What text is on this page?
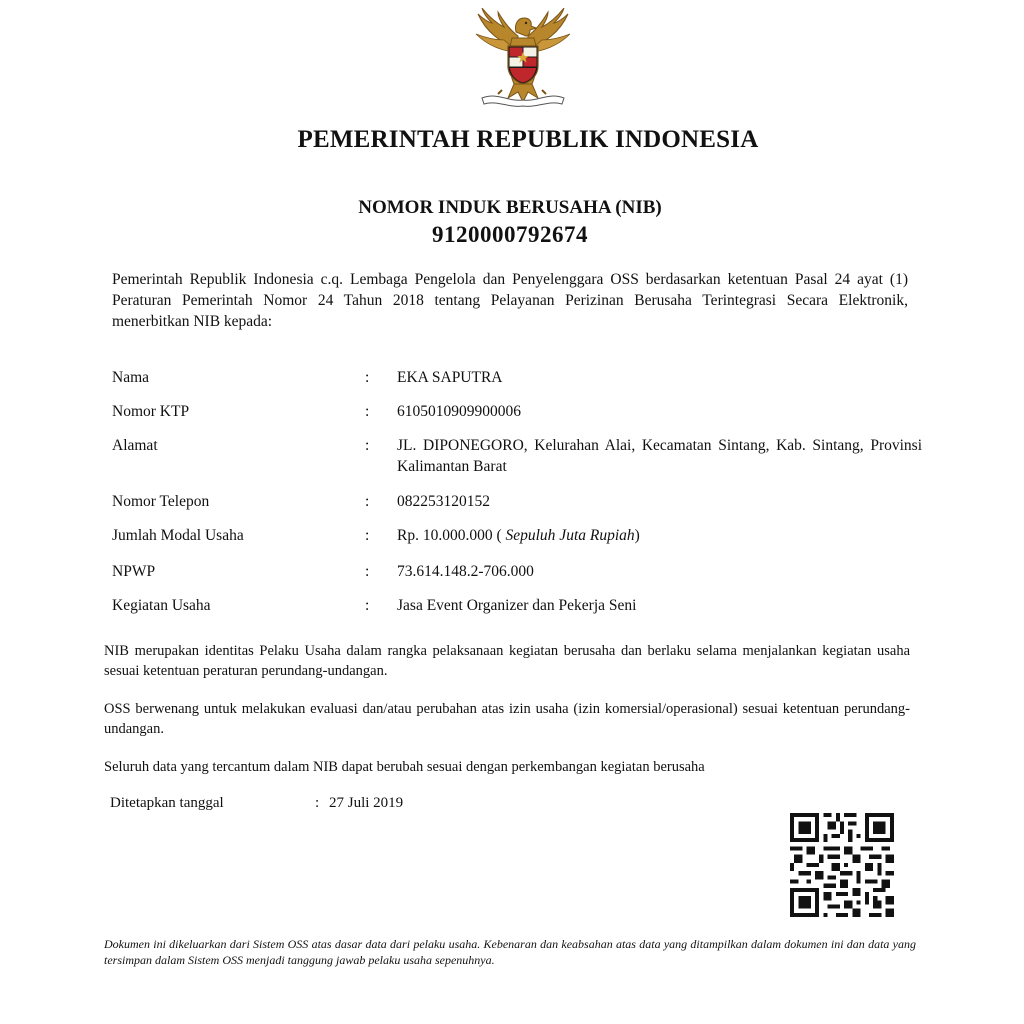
PEMERINTAH REPUBLIK INDONESIA
NOMOR INDUK BERUSAHA (NIB)
9120000792674
Pemerintah Republik Indonesia c.q. Lembaga Pengelola dan Penyelenggara OSS berdasarkan ketentuan Pasal 24 ayat (1) Peraturan Pemerintah Nomor 24 Tahun 2018 tentang Pelayanan Perizinan Berusaha Terintegrasi Secara Elektronik, menerbitkan NIB kepada:
Nama	:	EKA SAPUTRA
Nomor KTP	:	6105010909900006
Alamat	:	JL. DIPONEGORO, Kelurahan Alai, Kecamatan Sintang, Kab. Sintang, Provinsi Kalimantan Barat
Nomor Telepon	:	082253120152
Jumlah Modal Usaha	:	Rp. 10.000.000 ( Sepuluh Juta Rupiah)
NPWP	:	73.614.148.2-706.000
Kegiatan Usaha	:	Jasa Event Organizer dan Pekerja Seni
NIB merupakan identitas Pelaku Usaha dalam rangka pelaksanaan kegiatan berusaha dan berlaku selama menjalankan kegiatan usaha sesuai ketentuan peraturan perundang-undangan.
OSS berwenang untuk melakukan evaluasi dan/atau perubahan atas izin usaha (izin komersial/operasional) sesuai ketentuan perundang-undangan.
Seluruh data yang tercantum dalam NIB dapat berubah sesuai dengan perkembangan kegiatan berusaha
Ditetapkan tanggal	: 27 Juli 2019
Dokumen ini dikeluarkan dari Sistem OSS atas dasar data dari pelaku usaha. Kebenaran dan keabsahan atas data yang ditampilkan dalam dokumen ini dan data yang tersimpan dalam Sistem OSS menjadi tanggung jawab pelaku usaha sepenuhnya.
